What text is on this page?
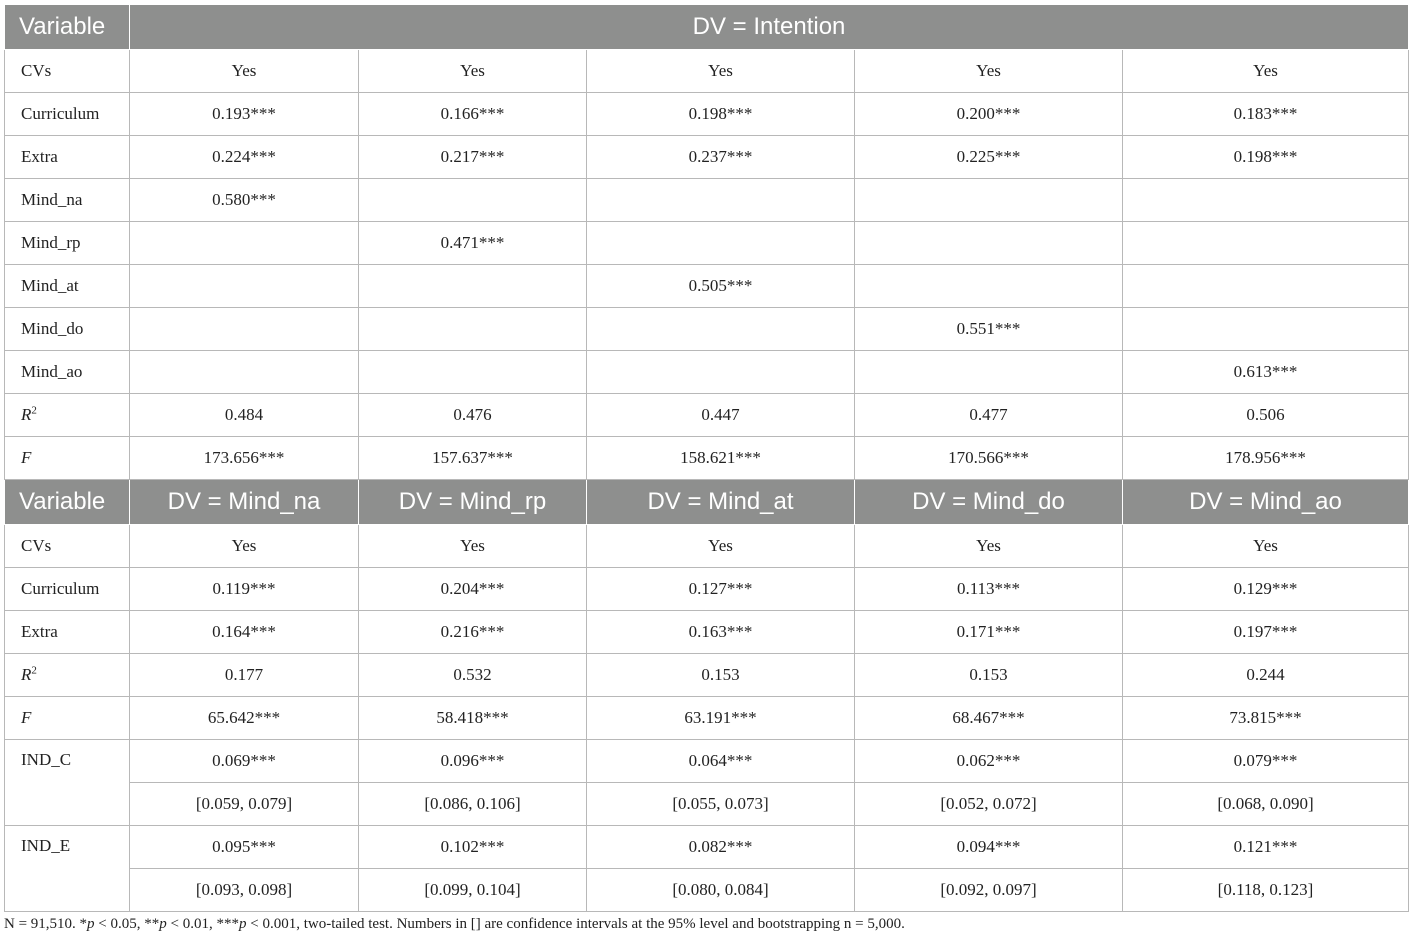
Variable	DV = Intention				
CVs	Yes	Yes	Yes	Yes	Yes
Curriculum	0.193***	0.166***	0.198***	0.200***	0.183***
Extra	0.224***	0.217***	0.237***	0.225***	0.198***
Mind_na	0.580***				
Mind_rp		0.471***			
Mind_at			0.505***		
Mind_do				0.551***	
Mind_ao					0.613***
$R^2$	0.484	0.476	0.447	0.477	0.506
F	173.656***	157.637***	158.621***	170.566***	178.956***
Variable	DV = Mind_na	DV = Mind_rp	DV = Mind_at	DV = Mind_do	DV = Mind_ao
CVs	Yes	Yes	Yes	Yes	Yes
Curriculum	0.119***	0.204***	0.127***	0.113***	0.129***
Extra	0.164***	0.216***	0.163***	0.171***	0.197***
$R^2$	0.177	0.532	0.153	0.153	0.244
F	65.642***	58.418***	63.191***	68.467***	73.815***
IND_C	0.069***	0.096***	0.064***	0.062***	0.079***
	[0.059, 0.079]	[0.086, 0.106]	[0.055, 0.073]	[0.052, 0.072]	[0.068, 0.090]
IND_E	0.095***	0.102***	0.082***	0.094***	0.121***
	[0.093, 0.098]	[0.099, 0.104]	[0.080, 0.084]	[0.092, 0.097]	[0.118, 0.123]
N = 91,510. *p < 0.05, **p < 0.01, ***p < 0.001, two-tailed test. Numbers in [] are confidence intervals at the 95% level and bootstrapping n = 5,000.
